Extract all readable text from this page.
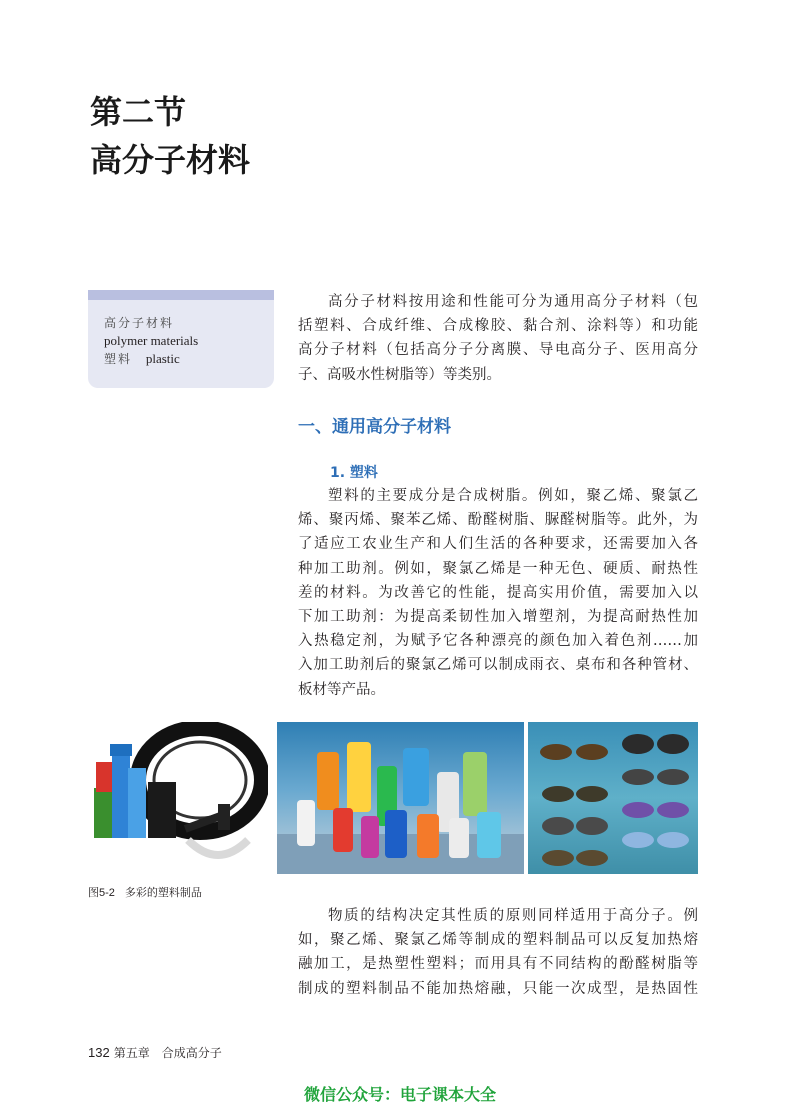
第二节
高分子材料
高分子材料
polymer materials
塑料 plastic
高分子材料按用途和性能可分为通用高分子材料（包
括塑料、合成纤维、合成橡胶、黏合剂、涂料等）和功能
高分子材料（包括高分子分离膜、导电高分子、医用高分
子、高吸水性树脂等）等类别。
一、通用高分子材料
1. 塑料
塑料的主要成分是合成树脂。例如，聚乙烯、聚氯乙
烯、聚丙烯、聚苯乙烯、酚醛树脂、脲醛树脂等。此外，为
了适应工农业生产和人们生活的各种要求，还需要加入各
种加工助剂。例如，聚氯乙烯是一种无色、硬质、耐热性
差的材料。为改善它的性能，提高实用价值，需要加入以
下加工助剂：为提高柔韧性加入增塑剂，为提高耐热性加
入热稳定剂，为赋予它各种漂亮的颜色加入着色剂……加
入加工助剂后的聚氯乙烯可以制成雨衣、桌布和各种管材、
板材等产品。

图5-2 多彩的塑料制品

物质的结构决定其性质的原则同样适用于高分子。例
如，聚乙烯、聚氯乙烯等制成的塑料制品可以反复加热熔
融加工，是热塑性塑料；而用具有不同结构的酚醛树脂等
制成的塑料制品不能加热熔融，只能一次成型，是热固性
132 第五章 合成高分子
微信公众号：电子课本大全
